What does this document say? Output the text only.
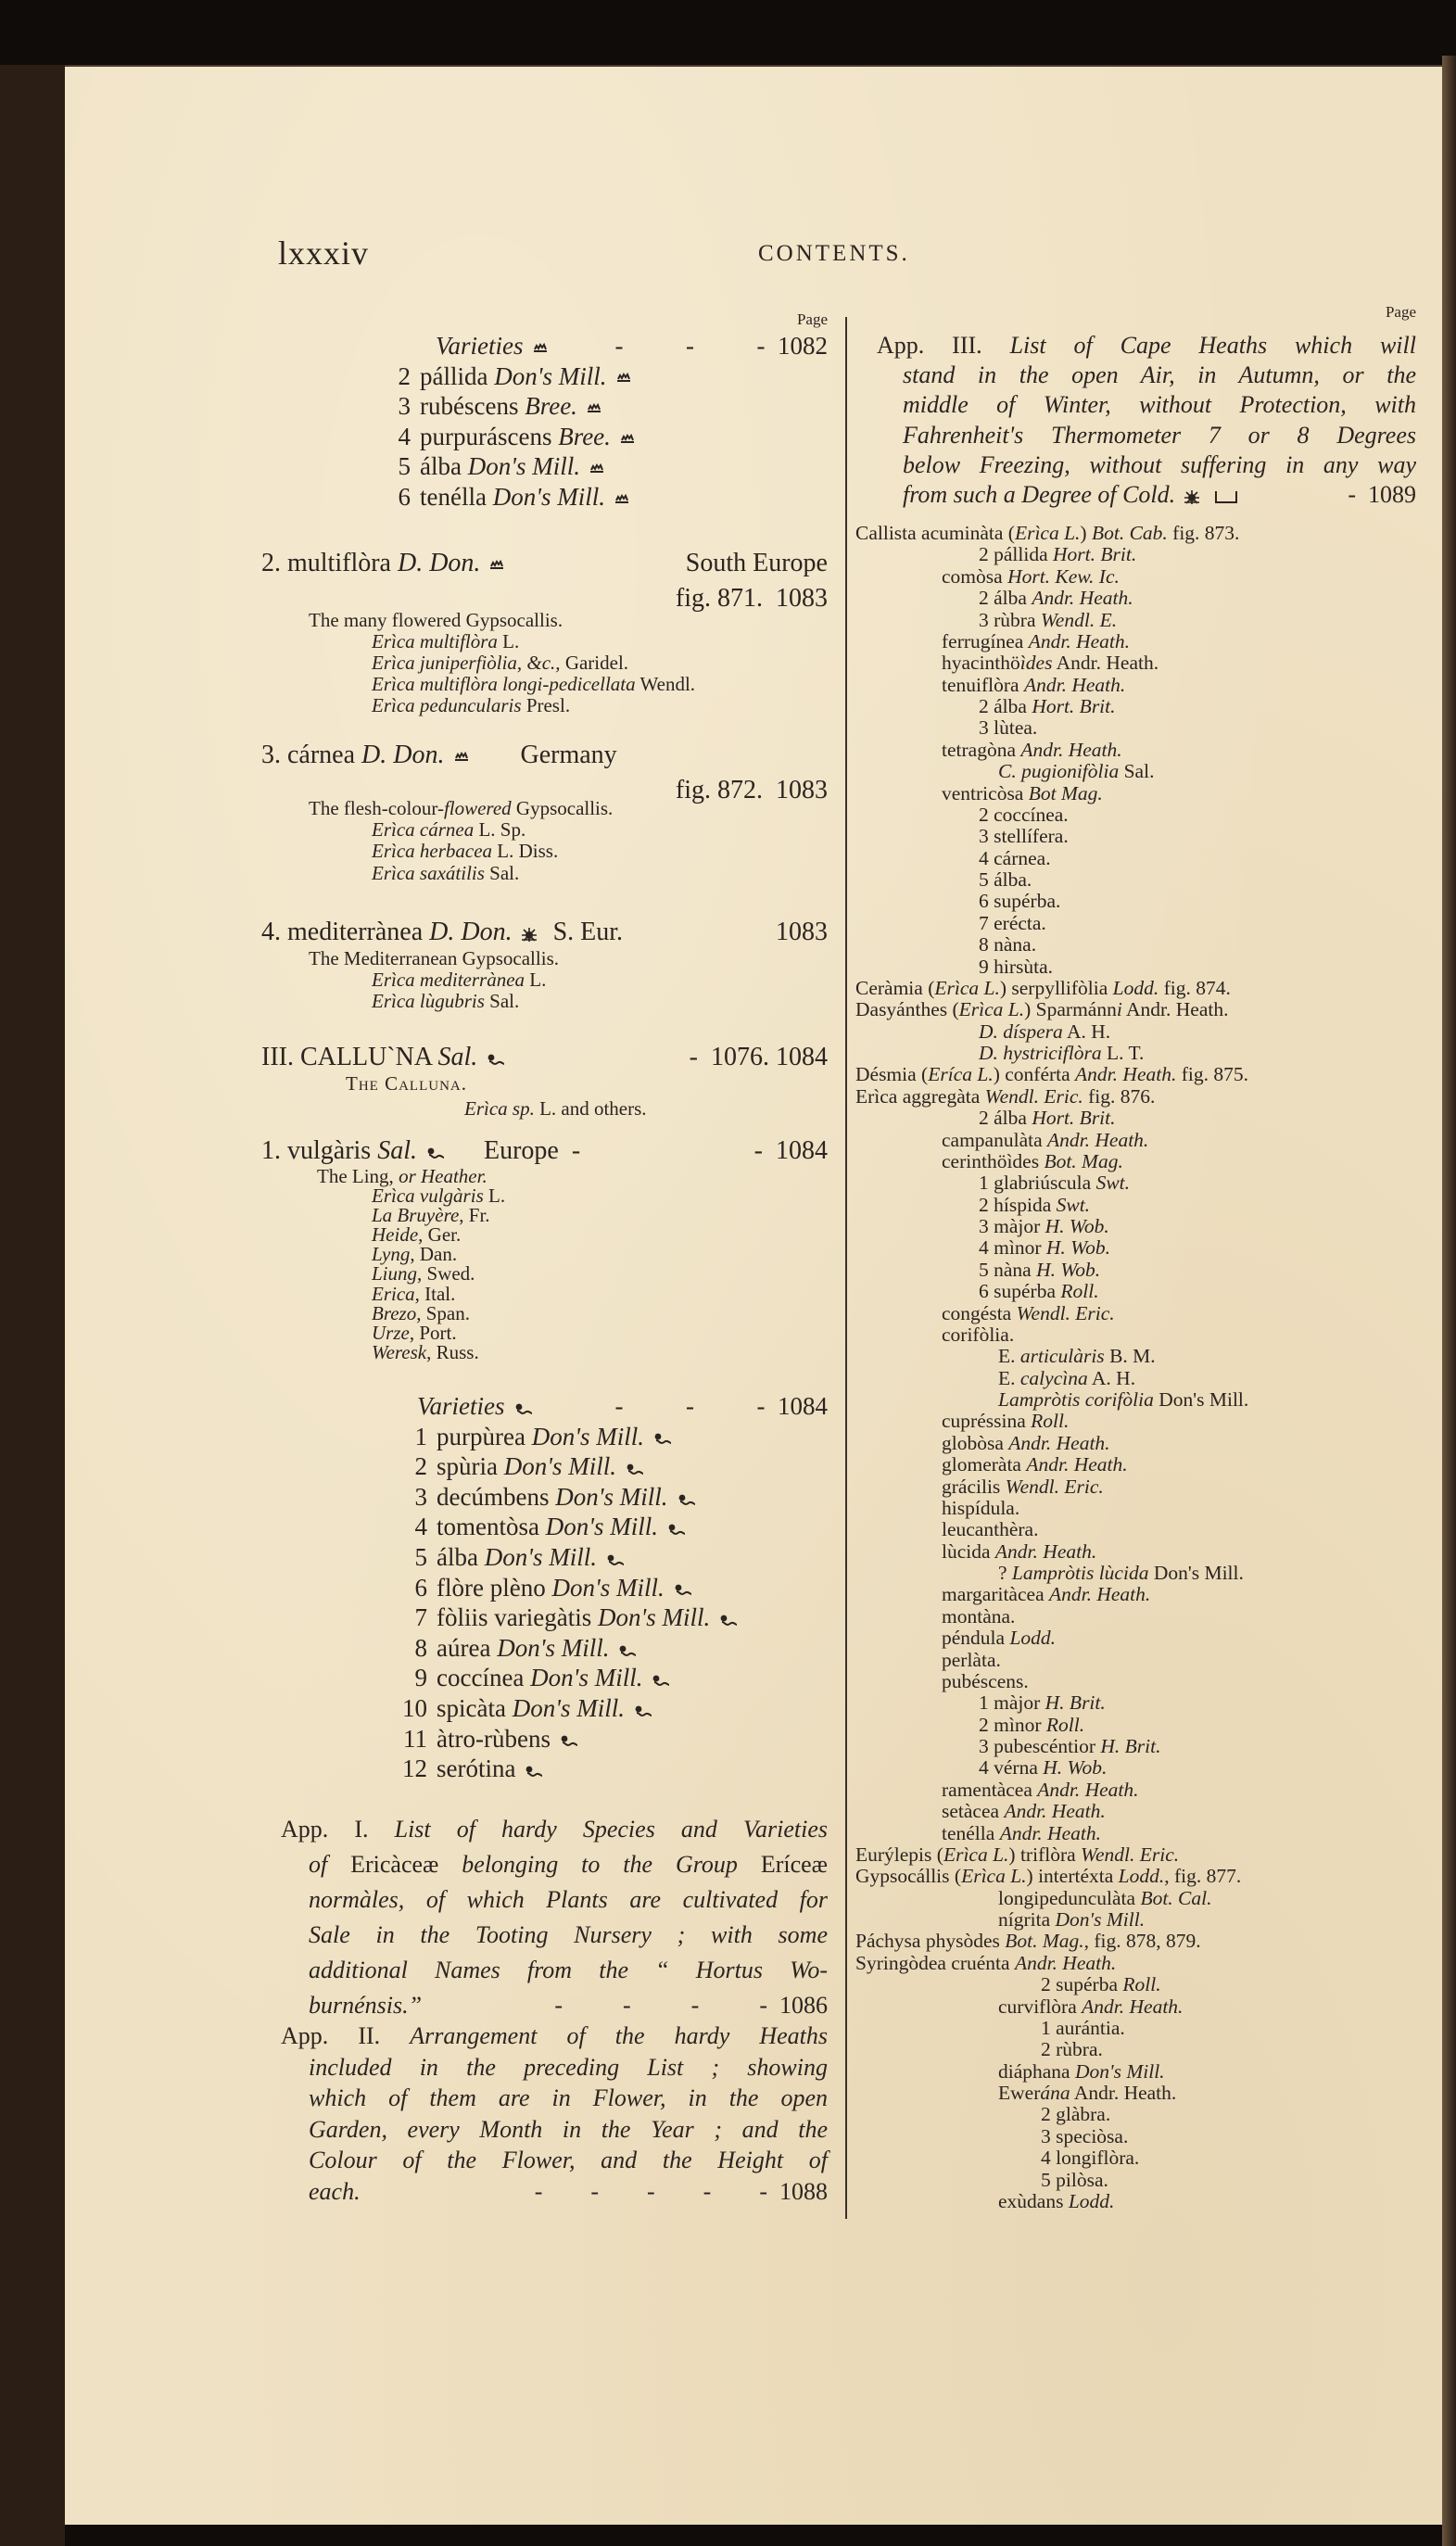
lxxxiv	CONTENTS.
Page
Varieties	-          -          -  1082
2 pállida Don's Mill.
3 rubéscens Bree.
4 purpuráscens Bree.
5 álba Don's Mill.
6 tenélla Don's Mill.
2. multiflòra D. Don.	South Europe
fig. 871.  1083
The many flowered Gypsocallis.
Erìca multiflòra L.
Erìca juniperfiòlia, &c., Garidel.
Erìca multiflòra longi-pedicellata Wendl.
Erìca peduncularis Presl.
3. cárnea D. Don.	Germany
fig. 872.  1083
The flesh-colour-flowered Gypsocallis.
Erìca cárnea L. Sp.
Erìca herbacea L. Diss.
Erìca saxátilis Sal.
4. mediterrànea D. Don. S. Eur.	1083
The Mediterranean Gypsocallis.
Erìca mediterrànea L.
Erìca lùgubris Sal.
III. CALLU`NA Sal.	-  1076. 1084
The Calluna.
Erìca sp. L. and others.
1. vulgàris Sal.	Europe  -	-  1084
The Ling, or Heather.
Erìca vulgàris L.
La Bruyère, Fr.
Heide, Ger.
Lyng, Dan.
Liung, Swed.
Erica, Ital.
Brezo, Span.
Urze, Port.
Weresk, Russ.
Varieties	-          -          -  1084
1 purpùrea Don's Mill.
2 spùria Don's Mill.
3 decúmbens Don's Mill.
4 tomentòsa Don's Mill.
5 álba Don's Mill.
6 flòre plèno Don's Mill.
7 fòliis variegàtis Don's Mill.
8 aúrea Don's Mill.
9 coccínea Don's Mill.
10 spicàta Don's Mill.
11 àtro-rùbens
12 serótina
App. I. List of hardy Species and Varieties
of Ericàceæ belonging to the Group Eríceæ
normàles, of which Plants are cultivated for
Sale in the Tooting Nursery ; with some
additional Names from the “ Hortus Wo-
burnénsis.”	-          -          -          -  1086
App. II. Arrangement of the hardy Heaths
included in the preceding List ; showing
which of them are in Flower, in the open
Garden, every Month in the Year ; and the
Colour of the Flower, and the Height of
each.	-        -        -        -        -  1088
Page
App. III. List of Cape Heaths which will
stand in the open Air, in Autumn, or the
middle of Winter, without Protection, with
Fahrenheit's Thermometer 7 or 8 Degrees
below Freezing, without suffering in any way
from such a Degree of Cold.	-  1089
Callista acuminàta (Erìca L.) Bot. Cab. fig. 873.
2 pállida Hort. Brit.
comòsa Hort. Kew. Ic.
2 álba Andr. Heath.
3 rùbra Wendl. E.
ferrugínea Andr. Heath.
hyacinthöìdes Andr. Heath.
tenuiflòra Andr. Heath.
2 álba Hort. Brit.
3 lùtea.
tetragòna Andr. Heath.
C. pugionifòlia Sal.
ventricòsa Bot Mag.
2 coccínea.
3 stellífera.
4 cárnea.
5 álba.
6 supérba.
7 erécta.
8 nàna.
9 hirsùta.
Ceràmia (Erìca L.) serpyllifòlia Lodd. fig. 874.
Dasyánthes (Erìca L.) Sparmánni Andr. Heath.
D. díspera A. H.
D. hystriciflòra L. T.
Désmia (Eríca L.) conférta Andr. Heath. fig. 875.
Erìca aggregàta Wendl. Eric. fig. 876.
2 álba Hort. Brit.
campanulàta Andr. Heath.
cerinthöìdes Bot. Mag.
1 glabriúscula Swt.
2 híspida Swt.
3 màjor H. Wob.
4 mìnor H. Wob.
5 nàna H. Wob.
6 supérba Roll.
congésta Wendl. Eric.
corifòlia.
E. articulàris B. M.
E. calycìna A. H.
Lampròtis corifòlia Don's Mill.
cupréssina Roll.
globòsa Andr. Heath.
glomeràta Andr. Heath.
grácilis Wendl. Eric.
hispídula.
leucanthèra.
lùcida Andr. Heath.
? Lampròtis lùcida Don's Mill.
margaritàcea Andr. Heath.
montàna.
péndula Lodd.
perlàta.
pubéscens.
1 màjor H. Brit.
2 mìnor Roll.
3 pubescéntior H. Brit.
4 vérna H. Wob.
ramentàcea Andr. Heath.
setàcea Andr. Heath.
tenélla Andr. Heath.
Eurýlepis (Erìca L.) triflòra Wendl. Eric.
Gypsocállis (Erìca L.) intertéxta Lodd., fig. 877.
longipedunculàta Bot. Cal.
nígrita Don's Mill.
Páchysa physòdes Bot. Mag., fig. 878, 879.
Syringòdea cruénta Andr. Heath.
2 supérba Roll.
curviflòra Andr. Heath.
1 aurántia.
2 rùbra.
diáphana Don's Mill.
Ewerána Andr. Heath.
2 glàbra.
3 speciòsa.
4 longiflòra.
5 pilòsa.
exùdans Lodd.
